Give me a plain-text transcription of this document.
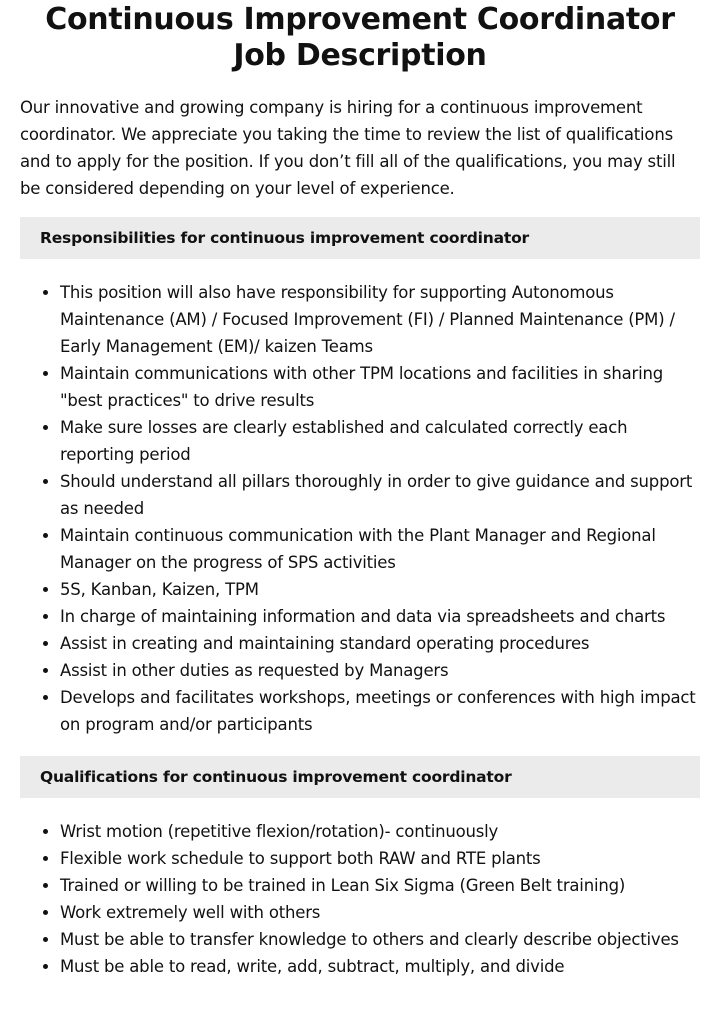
Continuous Improvement Coordinator Job Description

Our innovative and growing company is hiring for a continuous improvement coordinator. We appreciate you taking the time to review the list of qualifications and to apply for the position. If you don’t fill all of the qualifications, you may still be considered depending on your level of experience.

Responsibilities for continuous improvement coordinator
• This position will also have responsibility for supporting Autonomous Maintenance (AM) / Focused Improvement (FI) / Planned Maintenance (PM) / Early Management (EM)/ kaizen Teams
• Maintain communications with other TPM locations and facilities in sharing "best practices" to drive results
• Make sure losses are clearly established and calculated correctly each reporting period
• Should understand all pillars thoroughly in order to give guidance and support as needed
• Maintain continuous communication with the Plant Manager and Regional Manager on the progress of SPS activities
• 5S, Kanban, Kaizen, TPM
• In charge of maintaining information and data via spreadsheets and charts
• Assist in creating and maintaining standard operating procedures
• Assist in other duties as requested by Managers
• Develops and facilitates workshops, meetings or conferences with high impact on program and/or participants
Qualifications for continuous improvement coordinator
• Wrist motion (repetitive flexion/rotation)- continuously
• Flexible work schedule to support both RAW and RTE plants
• Trained or willing to be trained in Lean Six Sigma (Green Belt training)
• Work extremely well with others
• Must be able to transfer knowledge to others and clearly describe objectives
• Must be able to read, write, add, subtract, multiply, and divide
